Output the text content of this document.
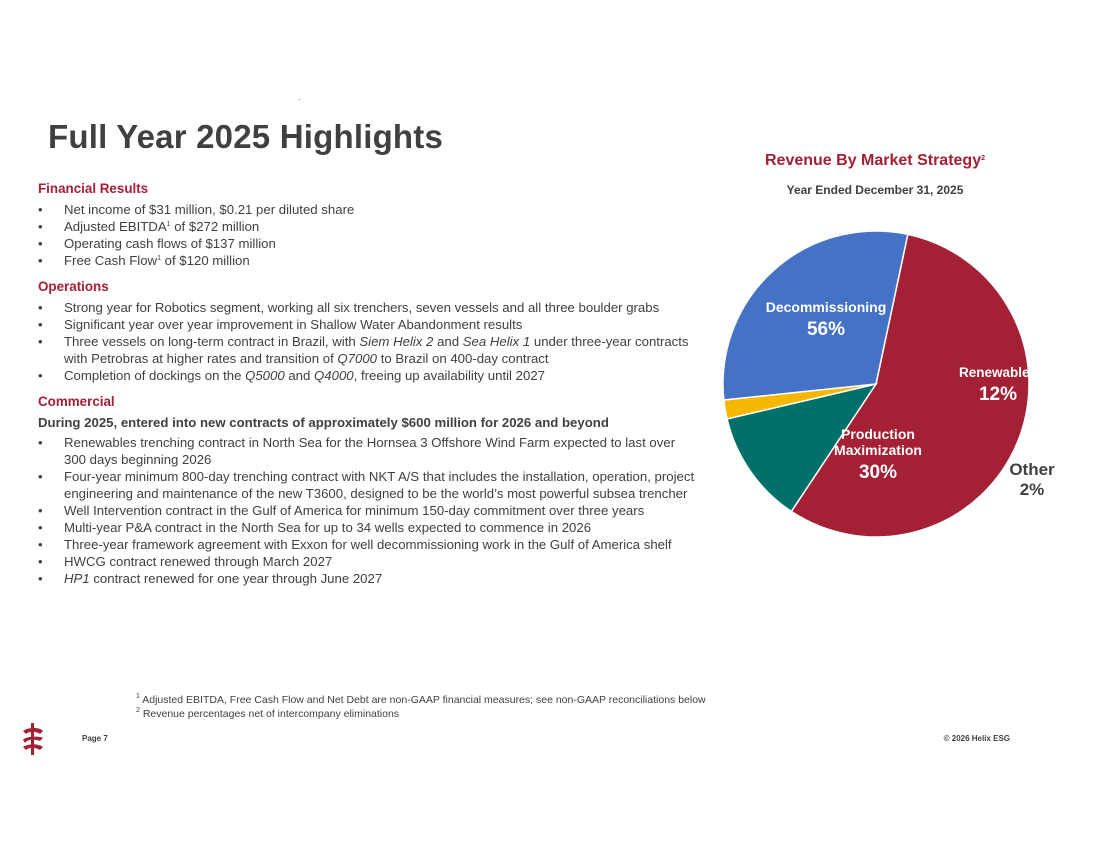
Full Year 2025 Highlights
Financial Results
• Net income of $31 million, $0.21 per diluted share
• Adjusted EBITDA$^1$ of $272 million
• Operating cash flows of $137 million
• Free Cash Flow$^1$ of $120 million
Operations
• Strong year for Robotics segment, working all six trenchers, seven vessels and all three boulder grabs
• Significant year over year improvement in Shallow Water Abandonment results
• Three vessels on long-term contract in Brazil, with Siem Helix 2 and Sea Helix 1 under three-year contracts with Petrobras at higher rates and transition of Q7000 to Brazil on 400-day contract
• Completion of dockings on the Q5000 and Q4000, freeing up availability until 2027
Commercial
During 2025, entered into new contracts of approximately $600 million for 2026 and beyond
• Renewables trenching contract in North Sea for the Hornsea 3 Offshore Wind Farm expected to last over 300 days beginning 2026
• Four-year minimum 800-day trenching contract with NKT A/S that includes the installation, operation, project engineering and maintenance of the new T3600, designed to be the world’s most powerful subsea trencher
• Well Intervention contract in the Gulf of America for minimum 150-day commitment over three years
• Multi-year P&A contract in the North Sea for up to 34 wells expected to commence in 2026
• Three-year framework agreement with Exxon for well decommissioning work in the Gulf of America shelf
• HWCG contract renewed through March 2027
• HP1 contract renewed for one year through June 2027
Revenue By Market Strategy$^2$
Year Ended December 31, 2025
Decommissioning
56%
Renewables
12%
Other
2%
Production
Maximization
30%
$^1$ Adjusted EBITDA, Free Cash Flow and Net Debt are non-GAAP financial measures; see non-GAAP reconciliations below
$^2$ Revenue percentages net of intercompany eliminations
Page 7	© 2026 Helix ESG
